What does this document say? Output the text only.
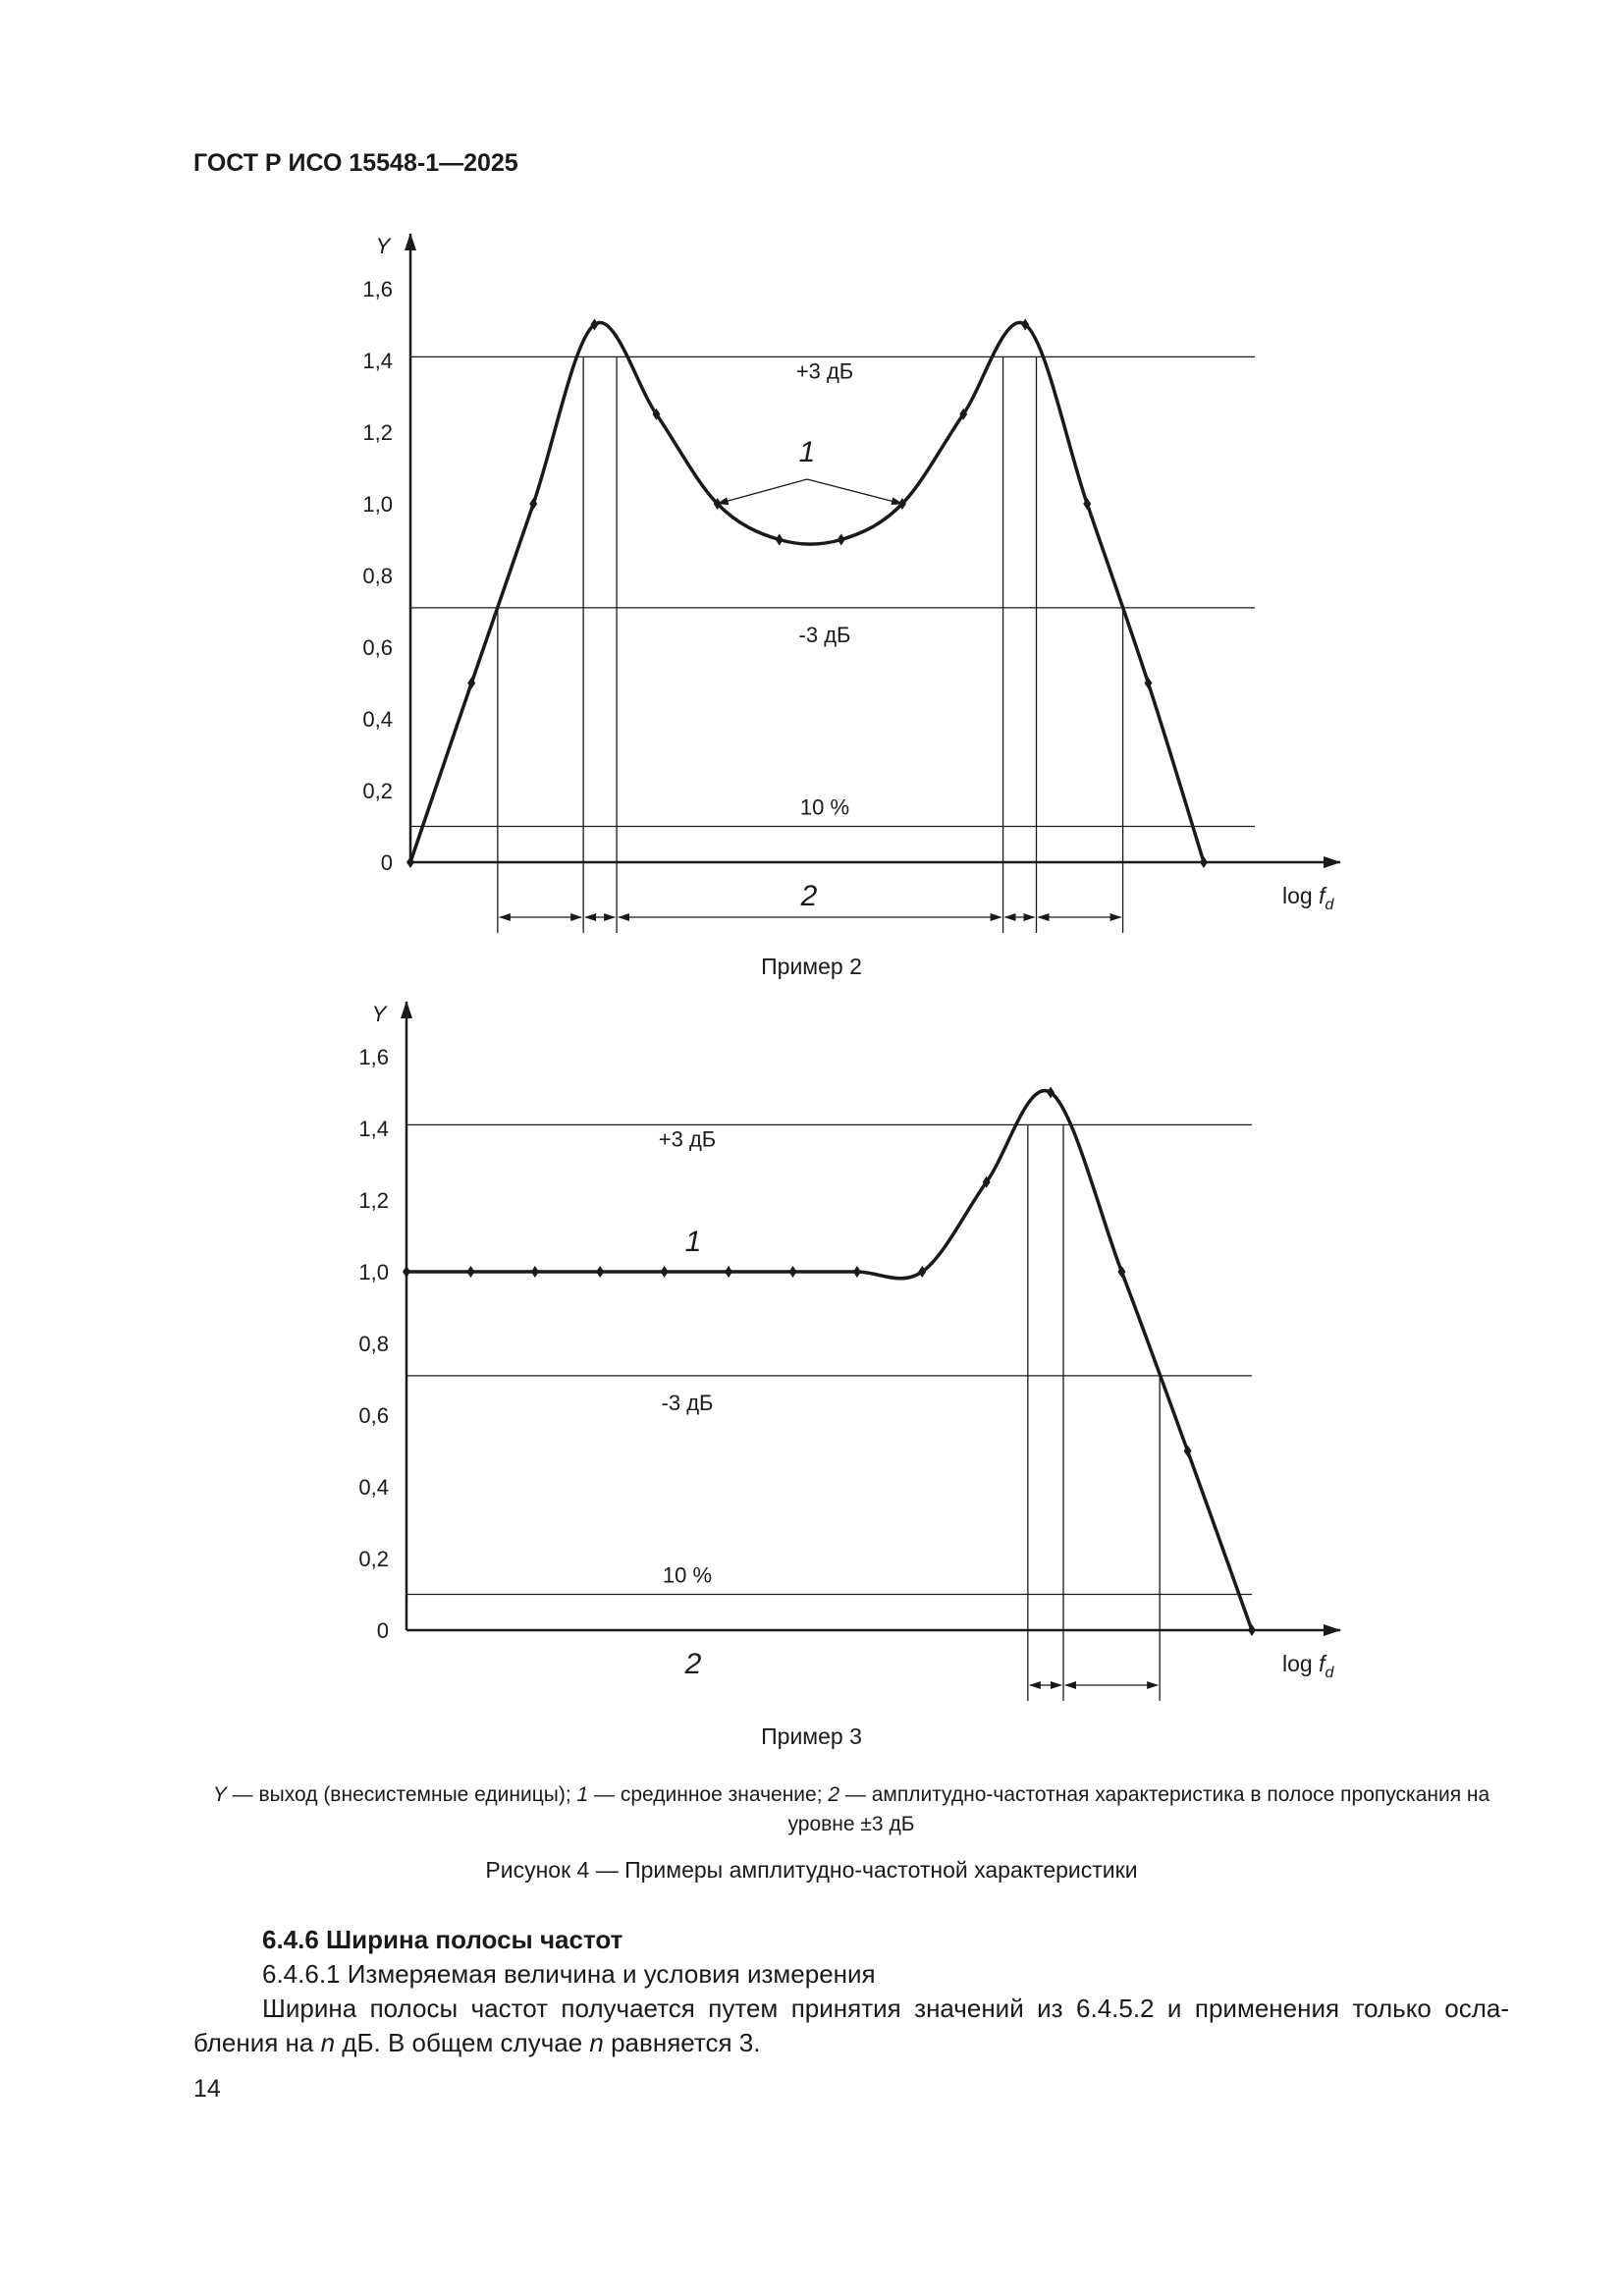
ГОСТ Р ИСО 15548-1—2025
0
0,2
0,4
0,6
0,8
1,0
1,2
1,4
1,6
Y
$\log f_d$
+3 дБ
-3 дБ
10 %
1
2
Пример 2
0
0,2
0,4
0,6
0,8
1,0
1,2
1,4
1,6
Y
$\log f_d$
+3 дБ
-3 дБ
10 %
1
2
Пример 3
Y — выход (внесистемные единицы); 1 — срединное значение; 2 — амплитудно-частотная характеристика в полосе пропускания на уровне ±3 дБ
Рисунок 4 — Примеры амплитудно-частотной характеристики
6.4.6 Ширина полосы частот
6.4.6.1 Измеряемая величина и условия измерения
Ширина полосы частот получается путем принятия значений из 6.4.5.2 и применения только осла-бления на n дБ. В общем случае n равняется 3.
14
